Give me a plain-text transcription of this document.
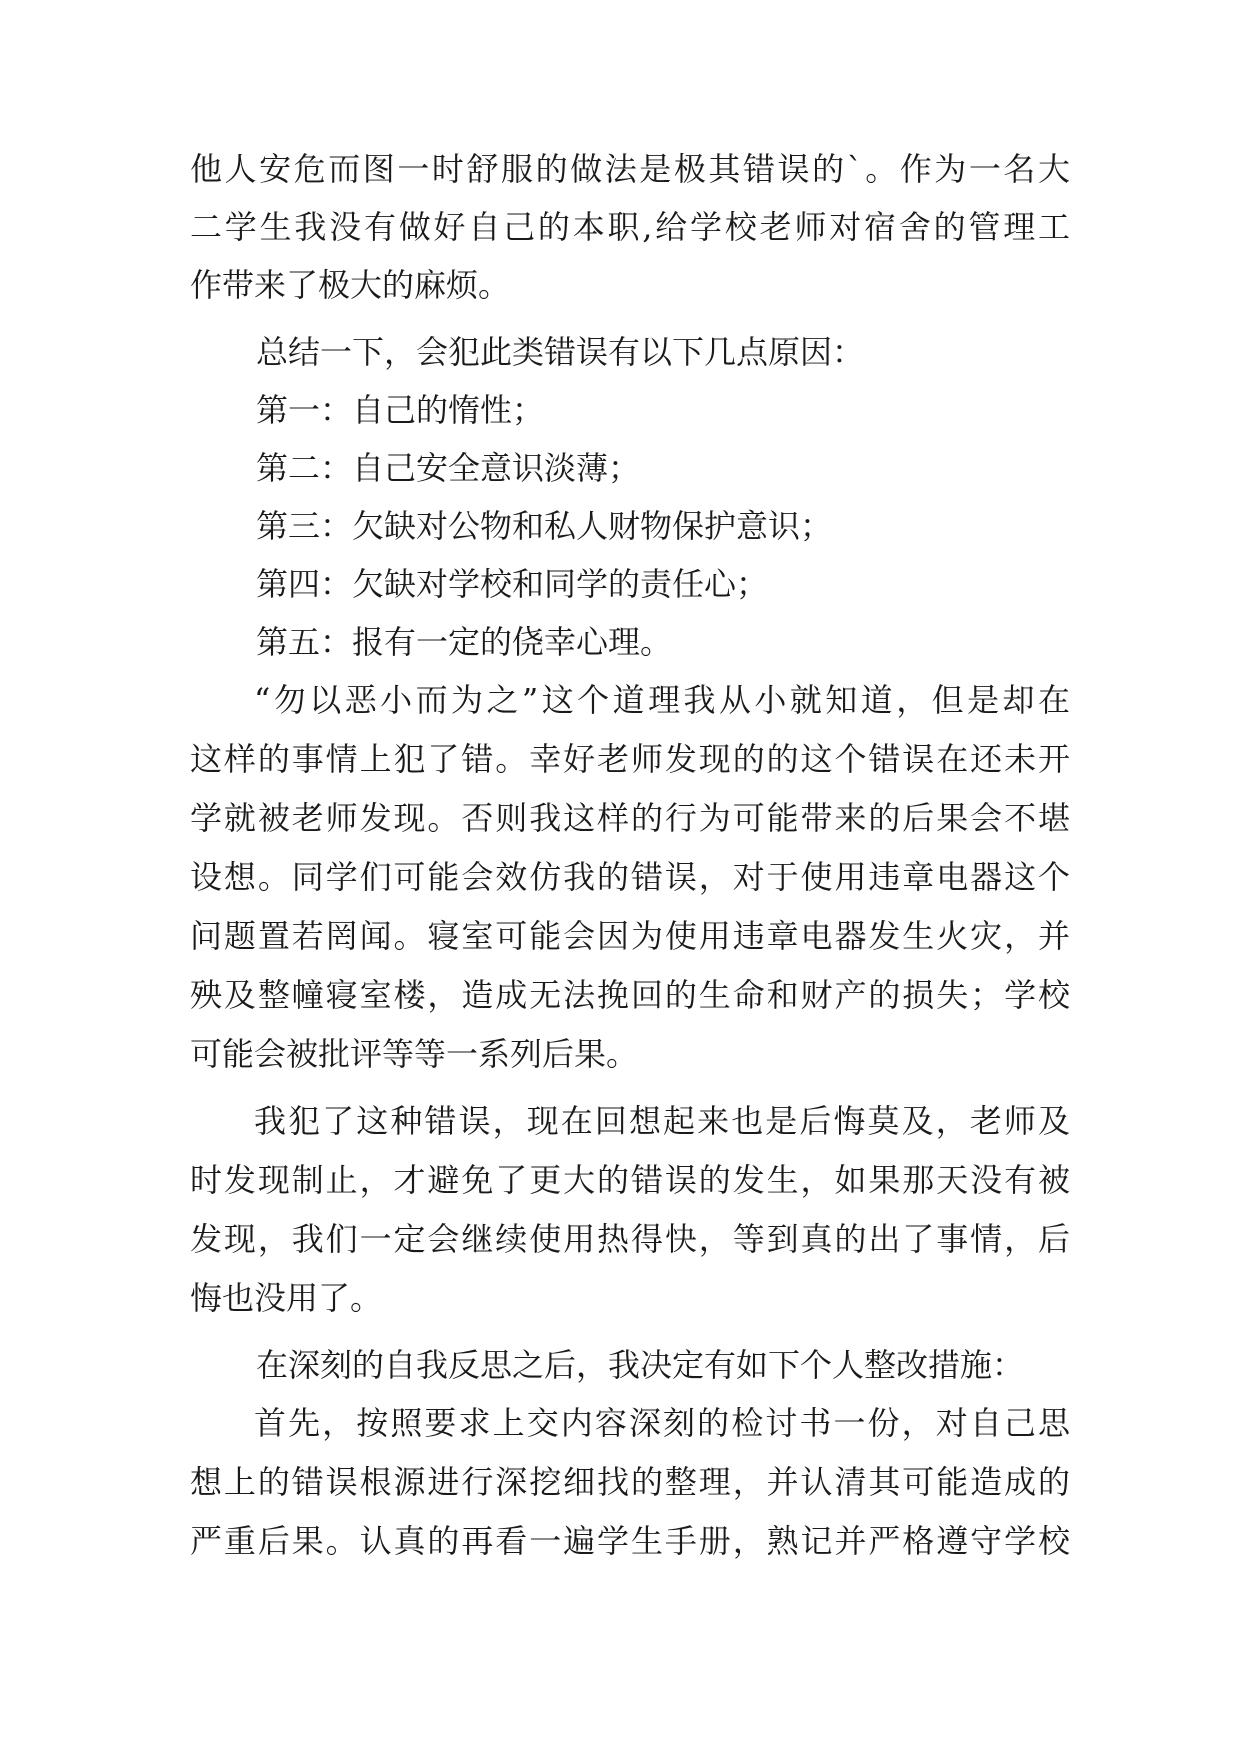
他人安危而图一时舒服的做法是极其错误的`。作为一名大
二学生我没有做好自己的本职,给学校老师对宿舍的管理工
作带来了极大的麻烦。
总结一下，会犯此类错误有以下几点原因：
第一：自己的惰性；
第二：自己安全意识淡薄；
第三：欠缺对公物和私人财物保护意识；
第四：欠缺对学校和同学的责任心；
第五：报有一定的侥幸心理。
“勿以恶小而为之”这个道理我从小就知道，但是却在
这样的事情上犯了错。幸好老师发现的的这个错误在还未开
学就被老师发现。否则我这样的行为可能带来的后果会不堪
设想。同学们可能会效仿我的错误，对于使用违章电器这个
问题置若罔闻。寝室可能会因为使用违章电器发生火灾，并
殃及整幢寝室楼，造成无法挽回的生命和财产的损失；学校
可能会被批评等等一系列后果。
我犯了这种错误，现在回想起来也是后悔莫及，老师及
时发现制止，才避免了更大的错误的发生，如果那天没有被
发现，我们一定会继续使用热得快，等到真的出了事情，后
悔也没用了。
在深刻的自我反思之后，我决定有如下个人整改措施：
首先，按照要求上交内容深刻的检讨书一份，对自己思
想上的错误根源进行深挖细找的整理，并认清其可能造成的
严重后果。认真的再看一遍学生手册，熟记并严格遵守学校
